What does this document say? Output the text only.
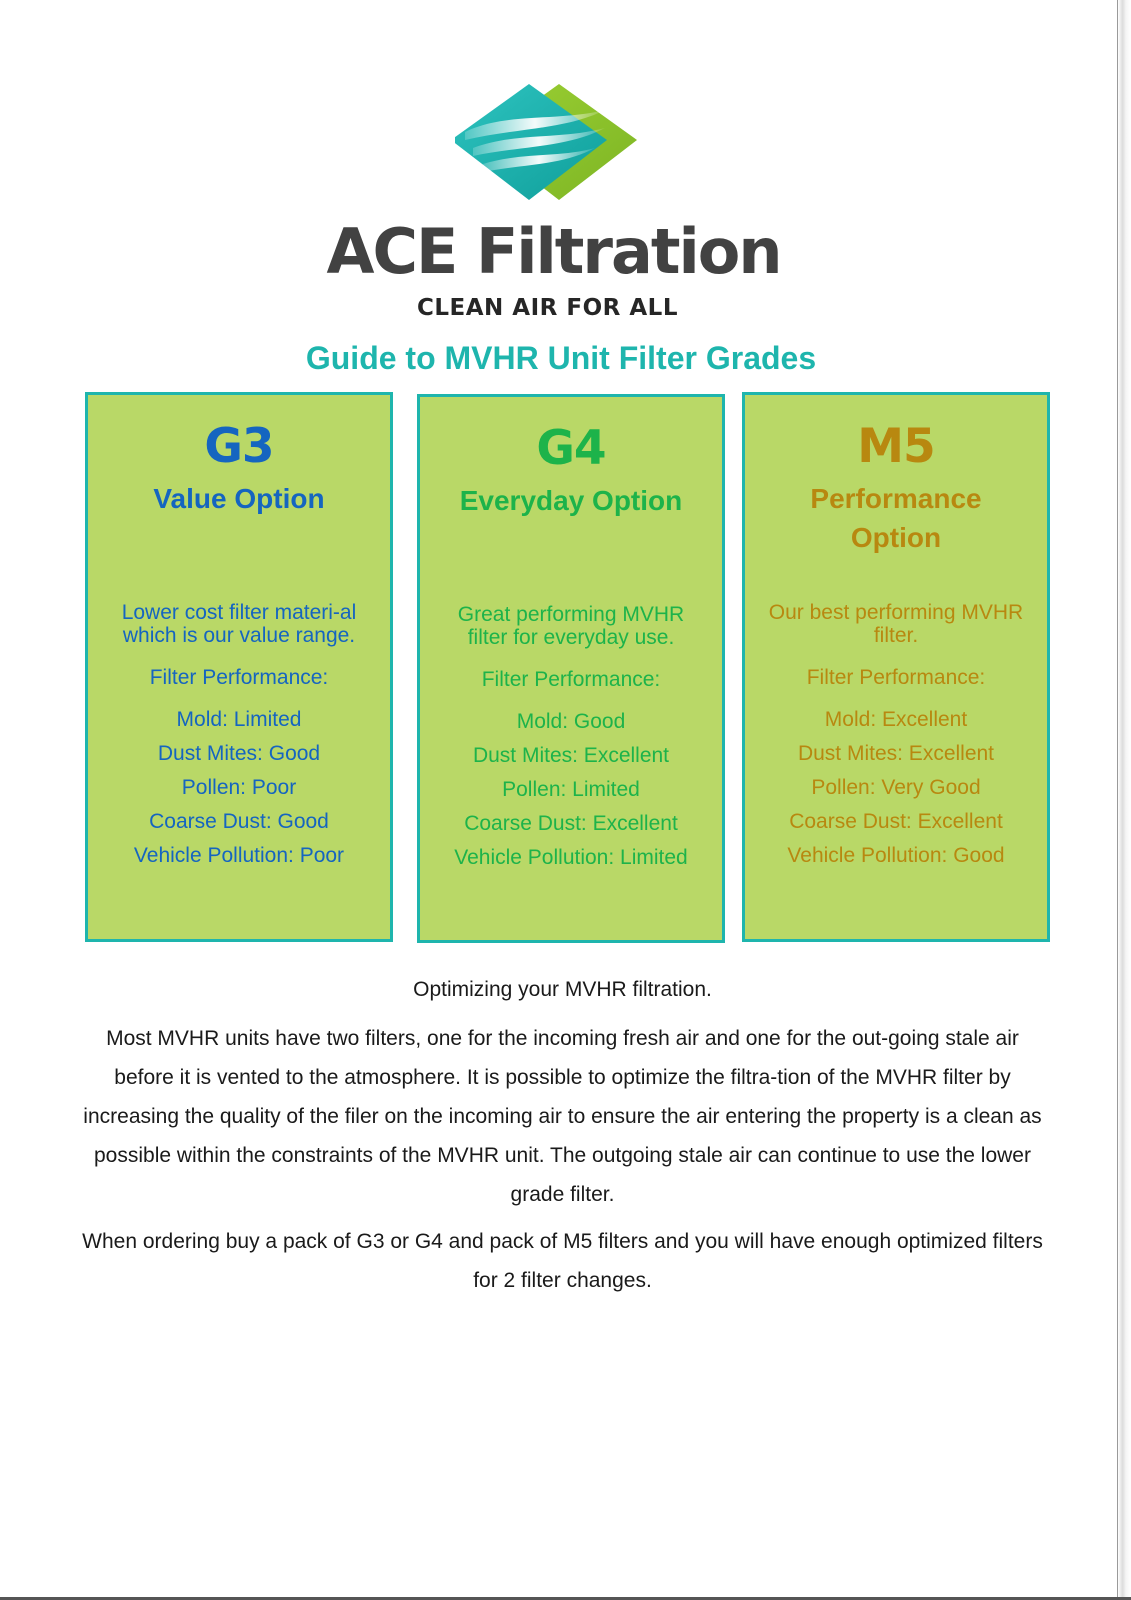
ACE Filtration
CLEAN AIR FOR ALL
Guide to MVHR Unit Filter Grades
G3
Value Option
Lower cost filter materi-al which is our value range.
Filter Performance:
Mold: Limited
Dust Mites: Good
Pollen: Poor
Coarse Dust: Good
Vehicle Pollution: Poor
G4
Everyday Option
Great performing MVHR filter for everyday use.
Filter Performance:
Mold: Good
Dust Mites: Excellent
Pollen: Limited
Coarse Dust: Excellent
Vehicle Pollution: Limited
M5
Performance Option
Our best performing MVHR filter.
Filter Performance:
Mold: Excellent
Dust Mites: Excellent
Pollen: Very Good
Coarse Dust: Excellent
Vehicle Pollution: Good
Optimizing your MVHR filtration.
Most MVHR units have two filters, one for the incoming fresh air and one for the out-going stale air before it is vented to the atmosphere. It is possible to optimize the filtra-tion of the MVHR filter by increasing the quality of the filer on the incoming air to ensure the air entering the property is a clean as possible within the constraints of the MVHR unit. The outgoing stale air can continue to use the lower grade filter.
When ordering buy a pack of G3 or G4 and pack of M5 filters and you will have enough optimized filters for 2 filter changes.
